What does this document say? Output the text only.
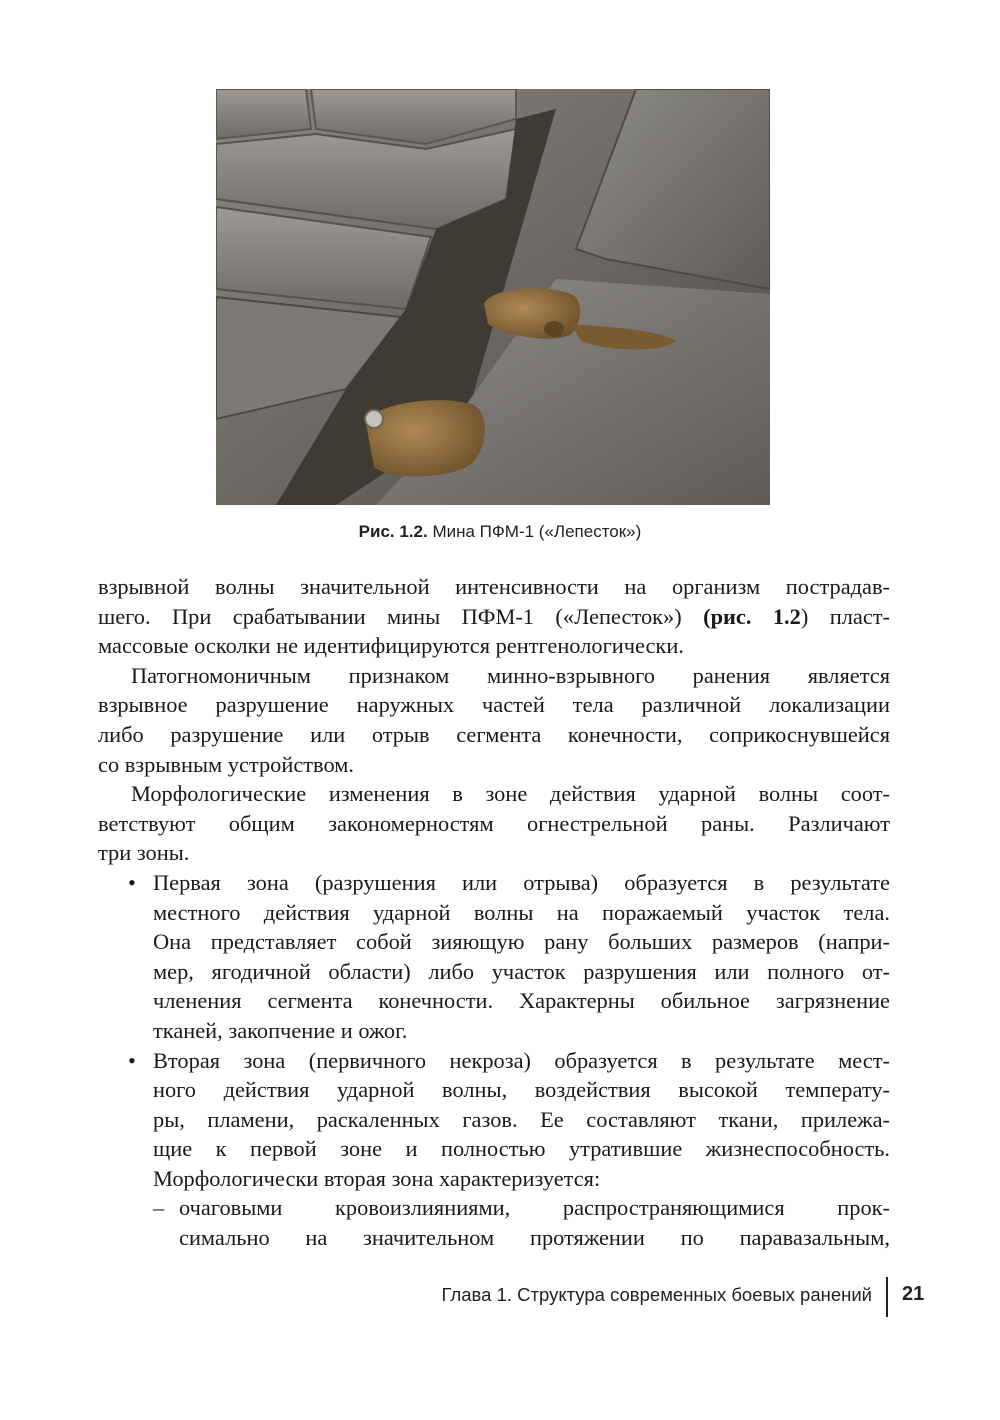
Рис. 1.2. Мина ПФМ-1 («Лепесток»)
взрывной волны значительной интенсивности на организм пострадав-
шего. При срабатывании мины ПФМ-1 («Лепесток») (рис. 1.2) пласт-
массовые осколки не идентифицируются рентгенологически.
Патогномоничным признаком минно-взрывного ранения является
взрывное разрушение наружных частей тела различной локализации
либо разрушение или отрыв сегмента конечности, соприкоснувшейся
со взрывным устройством.
Морфологические изменения в зоне действия ударной волны соот-
ветствуют общим закономерностям огнестрельной раны. Различают
три зоны.
• Первая зона (разрушения или отрыва) образуется в результате
местного действия ударной волны на поражаемый участок тела.
Она представляет собой зияющую рану больших размеров (напри-
мер, ягодичной области) либо участок разрушения или полного от-
членения сегмента конечности. Характерны обильное загрязнение
тканей, закопчение и ожог.
• Вторая зона (первичного некроза) образуется в результате мест-
ного действия ударной волны, воздействия высокой температу-
ры, пламени, раскаленных газов. Ее составляют ткани, прилежа-
щие к первой зоне и полностью утратившие жизнеспособность.
Морфологически вторая зона характеризуется:
– очаговыми кровоизлияниями, распространяющимися прок-
симально на значительном протяжении по паравазальным,
Глава 1. Структура современных боевых ранений 21
